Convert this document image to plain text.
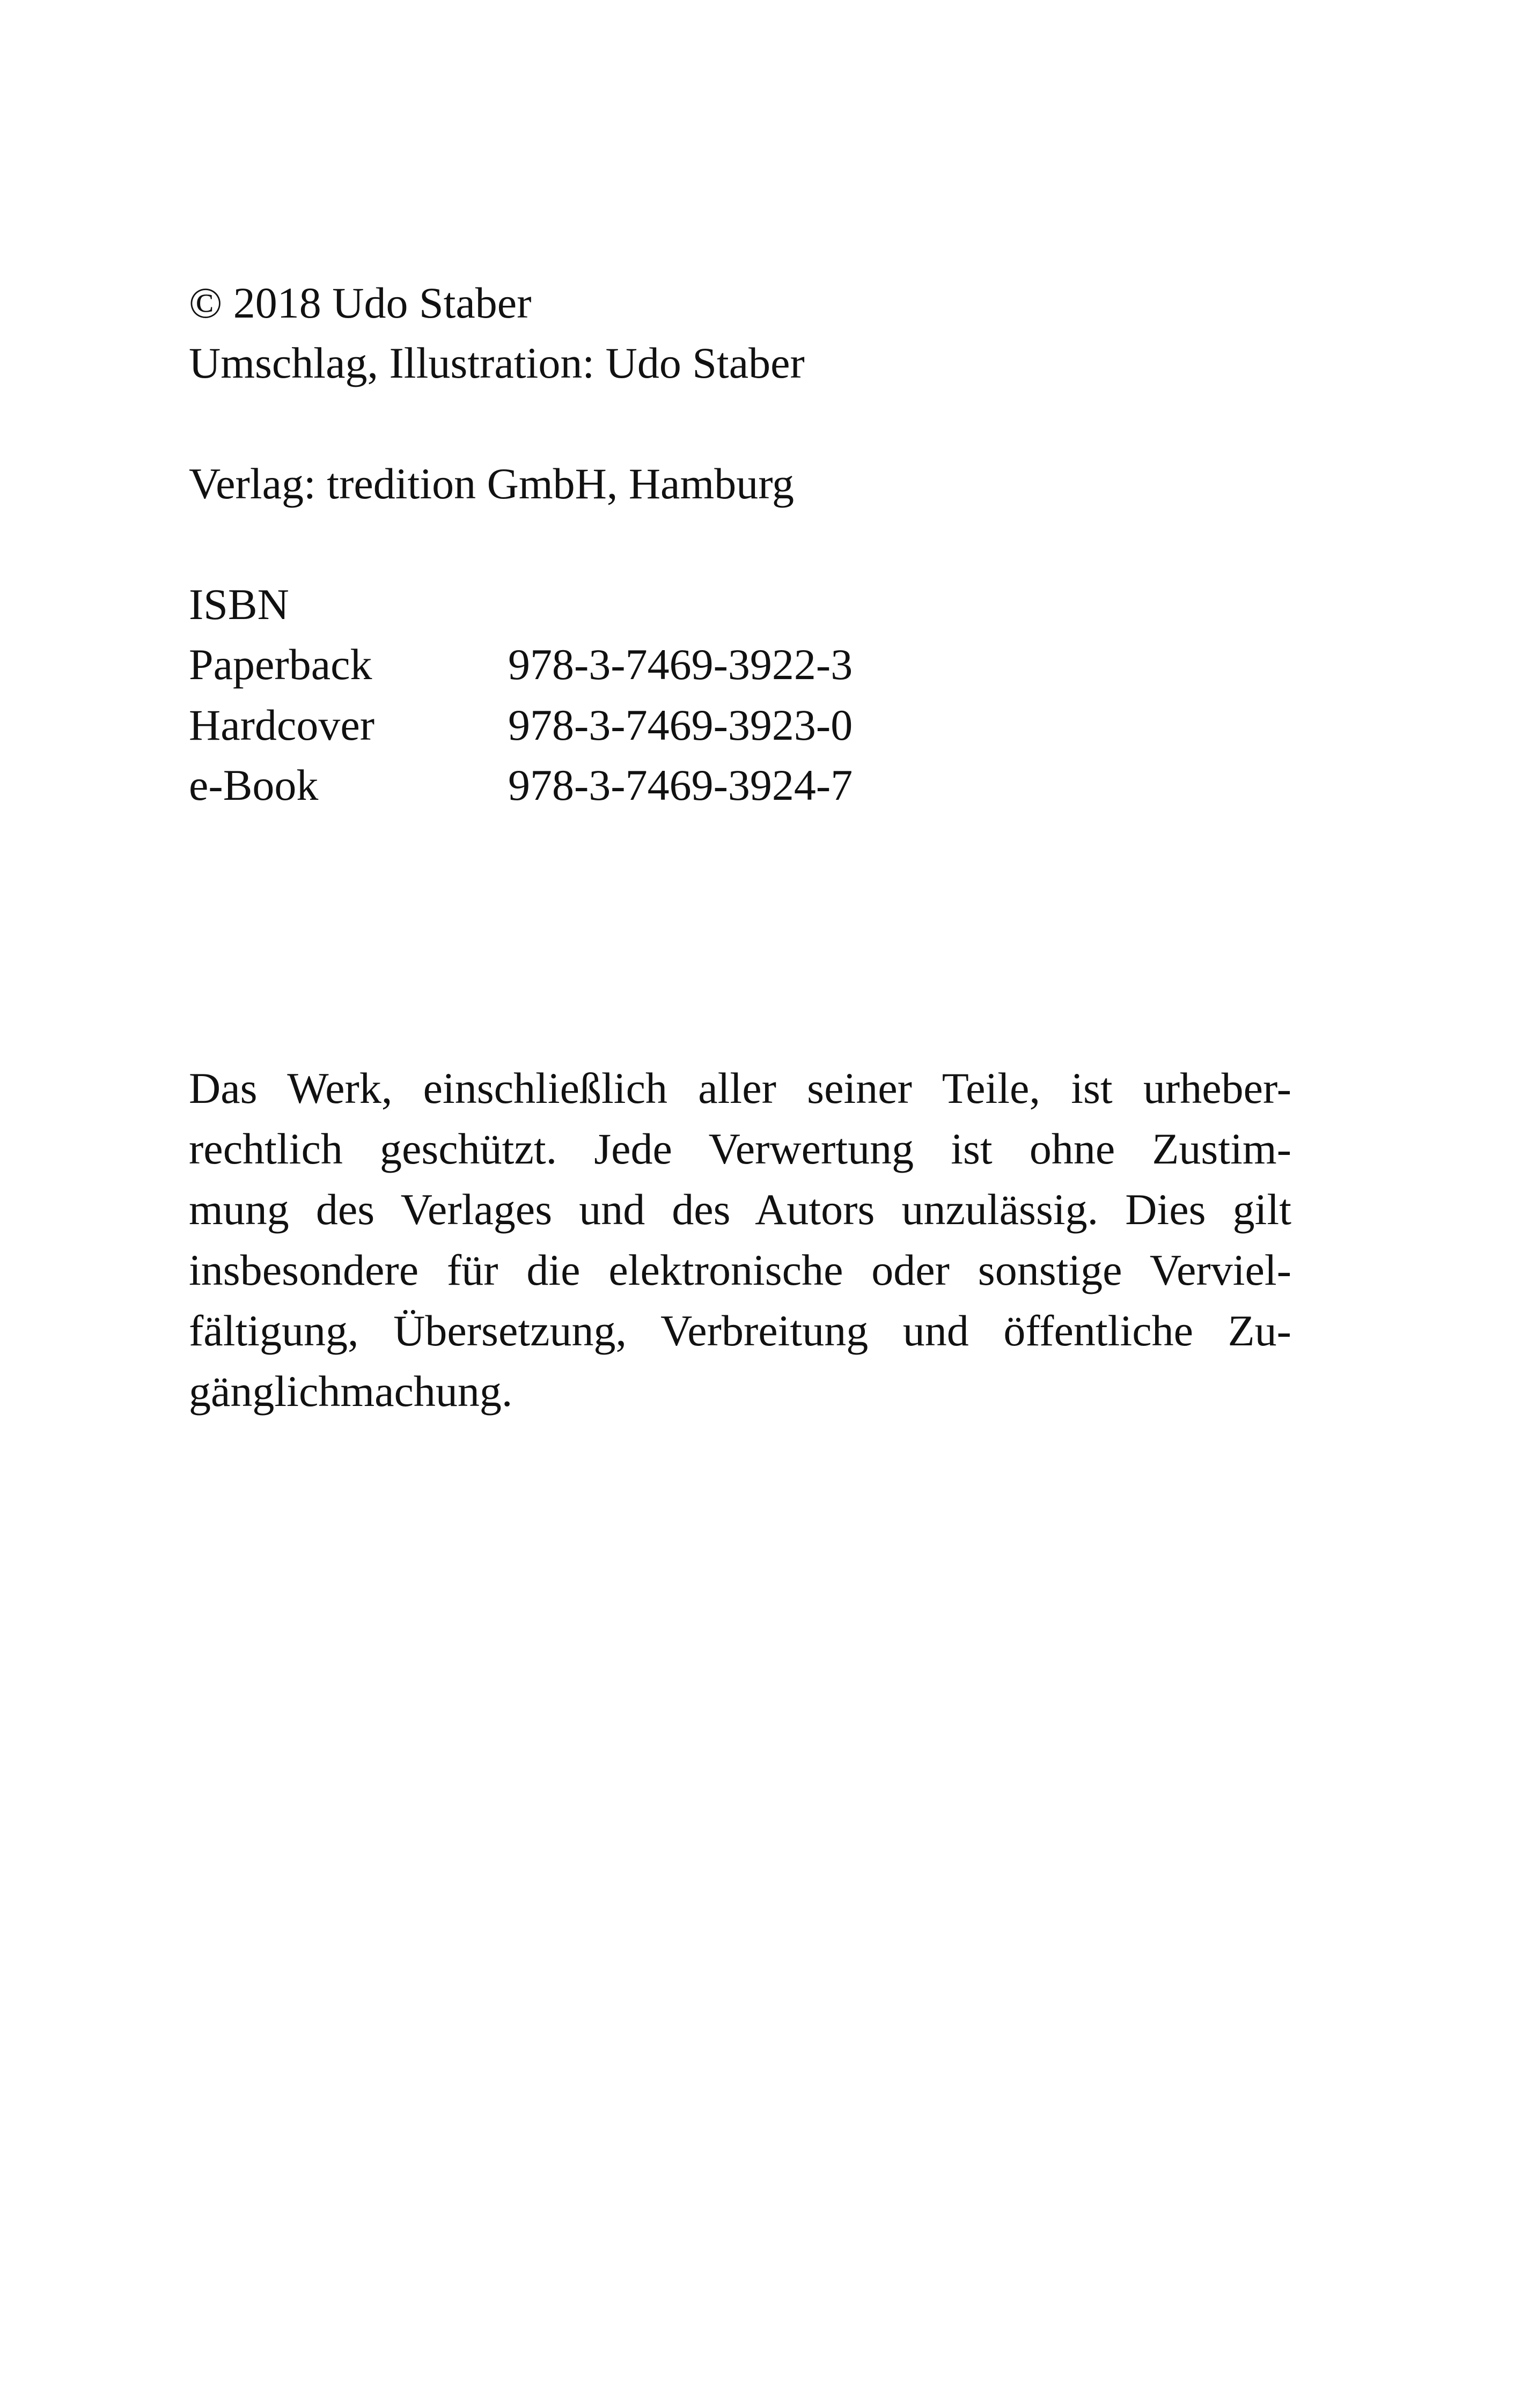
© 2018 Udo Staber
Umschlag, Illustration: Udo Staber
Verlag: tredition GmbH, Hamburg
ISBN
Paperback	978-3-7469-3922-3
Hardcover	978-3-7469-3923-0
e-Book	978-3-7469-3924-7
Das Werk, einschließlich aller seiner Teile, ist urheber-
rechtlich geschützt. Jede Verwertung ist ohne Zustim-
mung des Verlages und des Autors unzulässig. Dies gilt
insbesondere für die elektronische oder sonstige Verviel-
fältigung, Übersetzung, Verbreitung und öffentliche Zu-
gänglichmachung.
